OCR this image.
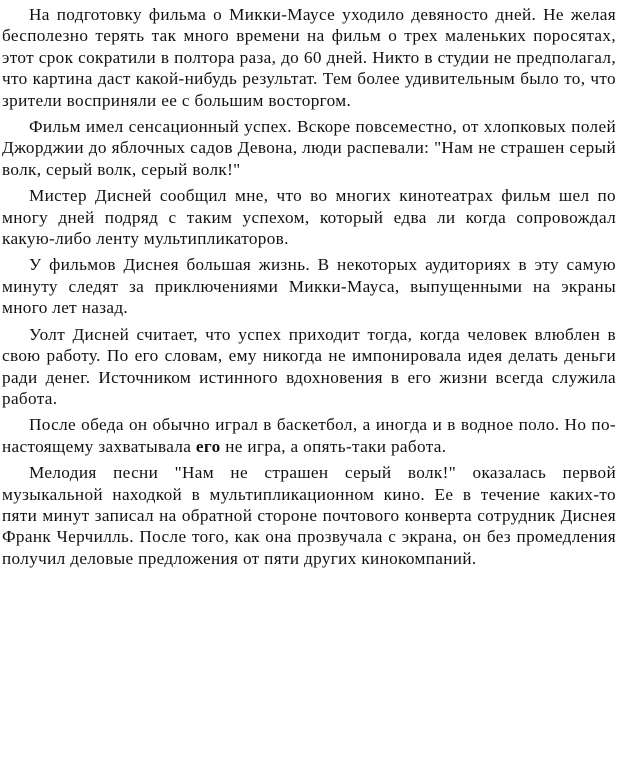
На подготовку фильма о Микки-Маусе уходило девяносто дней. Не желая бесполезно терять так много времени на фильм о трех маленьких поросятах, этот срок сократили в полтора раза, до 60 дней. Никто в студии не предполагал, что картина даст какой-нибудь результат. Тем более удивительным было то, что зрители восприняли ее с большим восторгом.

Фильм имел сенсационный успех. Вскоре повсеместно, от хлопковых полей Джорджии до яблочных садов Девона, люди распевали: "Нам не страшен серый волк, серый волк, серый волк!"

Мистер Дисней сообщил мне, что во многих кинотеатрах фильм шел по многу дней подряд с таким успехом, который едва ли когда сопровождал какую-либо ленту мультипликаторов.

У фильмов Диснея большая жизнь. В некоторых аудиториях в эту самую минуту следят за приключениями Микки-Мауса, выпущенными на экраны много лет назад.

Уолт Дисней считает, что успех приходит тогда, когда человек влюблен в свою работу. По его словам, ему никогда не импонировала идея делать деньги ради денег. Источником истинного вдохновения в его жизни всегда служила работа.

После обеда он обычно играл в баскетбол, а иногда и в водное поло. Но по-настоящему захватывала его не игра, а опять-таки работа.

Мелодия песни "Нам не страшен серый волк!" оказалась первой музыкальной находкой в мультипликационном кино. Ее в течение каких-то пяти минут записал на обратной стороне почтового конверта сотрудник Диснея Франк Черчилль. После того, как она прозвучала с экрана, он без промедления получил деловые предложения от пяти других кинокомпаний.
